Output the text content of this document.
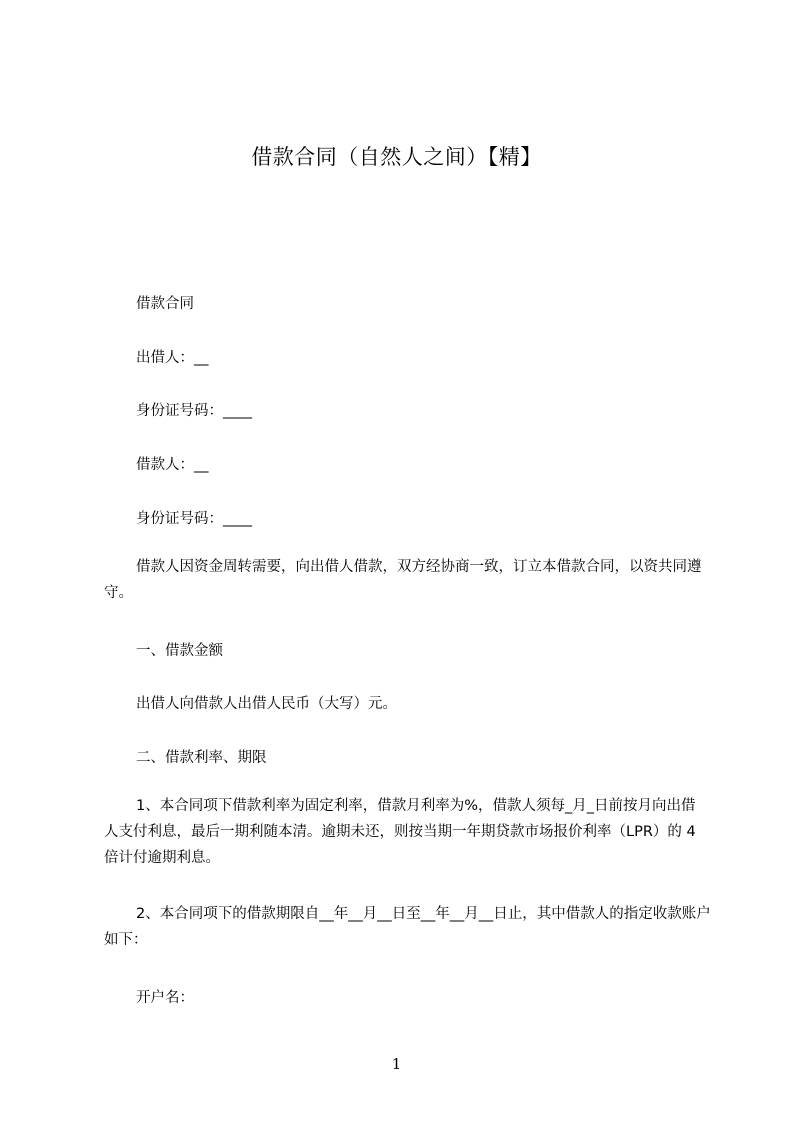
借款合同（自然人之间）【精】
借款合同
出借人：__
身份证号码：____
借款人：__
身份证号码：____
借款人因资金周转需要，向出借人借款，双方经协商一致，订立本借款合同，以资共同遵守。
一、借款金额
出借人向借款人出借人民币（大写）元。
二、借款利率、期限
1、本合同项下借款利率为固定利率，借款月利率为%，借款人须每_月_日前按月向出借人支付利息，最后一期利随本清。逾期未还，则按当期一年期贷款市场报价利率（LPR）的 4 倍计付逾期利息。
2、本合同项下的借款期限自__年__月__日至__年__月__日止，其中借款人的指定收款账户如下：
开户名：
1
